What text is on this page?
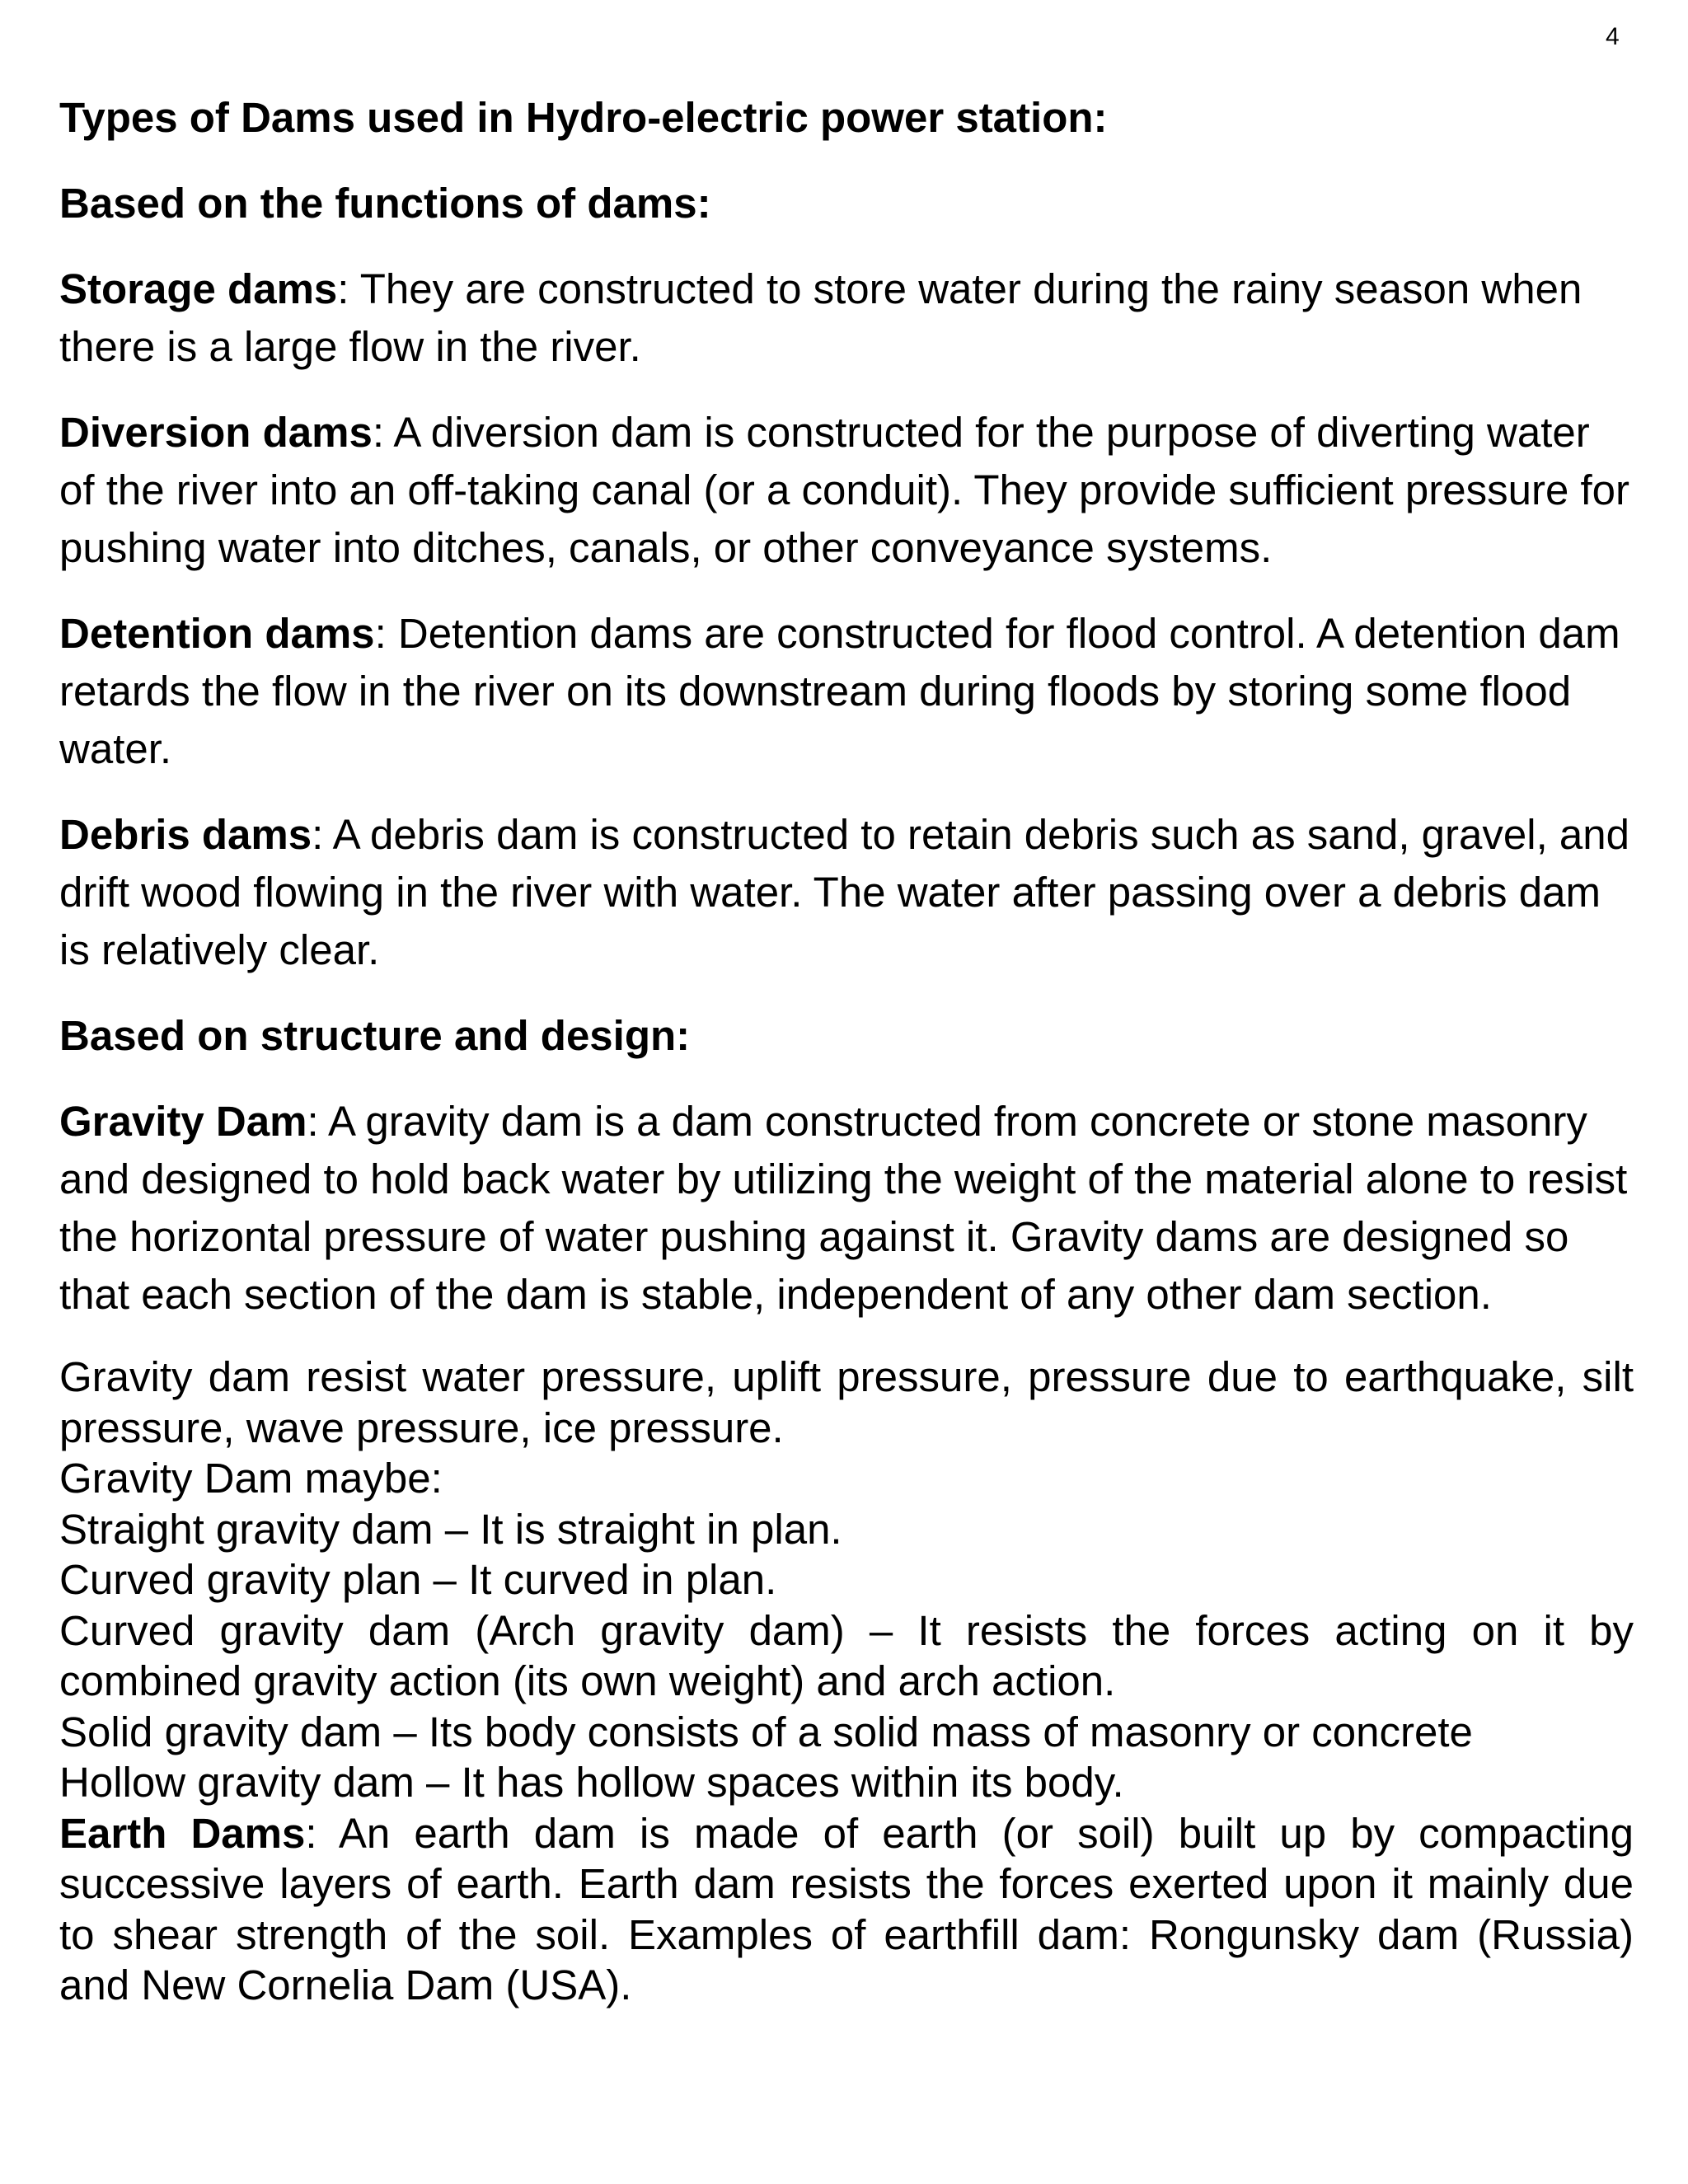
4
Types of Dams used in Hydro-electric power station:
Based on the functions of dams:
Storage dams: They are constructed to store water during the rainy season when there is a large flow in the river.
Diversion dams: A diversion dam is constructed for the purpose of diverting water of the river into an off-taking canal (or a conduit). They provide sufficient pressure for pushing water into ditches, canals, or other conveyance systems.
Detention dams: Detention dams are constructed for flood control. A detention dam retards the flow in the river on its downstream during floods by storing some flood water.
Debris dams: A debris dam is constructed to retain debris such as sand, gravel, and drift wood flowing in the river with water. The water after passing over a debris dam is relatively clear.
Based on structure and design:
Gravity Dam: A gravity dam is a dam constructed from concrete or stone masonry and designed to hold back water by utilizing the weight of the material alone to resist the horizontal pressure of water pushing against it. Gravity dams are designed so that each section of the dam is stable, independent of any other dam section.
Gravity dam resist water pressure, uplift pressure, pressure due to earthquake, silt pressure, wave pressure, ice pressure.
Gravity Dam maybe:
Straight gravity dam – It is straight in plan.
Curved gravity plan – It curved in plan.
Curved gravity dam (Arch gravity dam) – It resists the forces acting on it by combined gravity action (its own weight) and arch action.
Solid gravity dam – Its body consists of a solid mass of masonry or concrete
Hollow gravity dam – It has hollow spaces within its body.
Earth Dams: An earth dam is made of earth (or soil) built up by compacting successive layers of earth. Earth dam resists the forces exerted upon it mainly due to shear strength of the soil. Examples of earthfill dam: Rongunsky dam (Russia) and New Cornelia Dam (USA).
